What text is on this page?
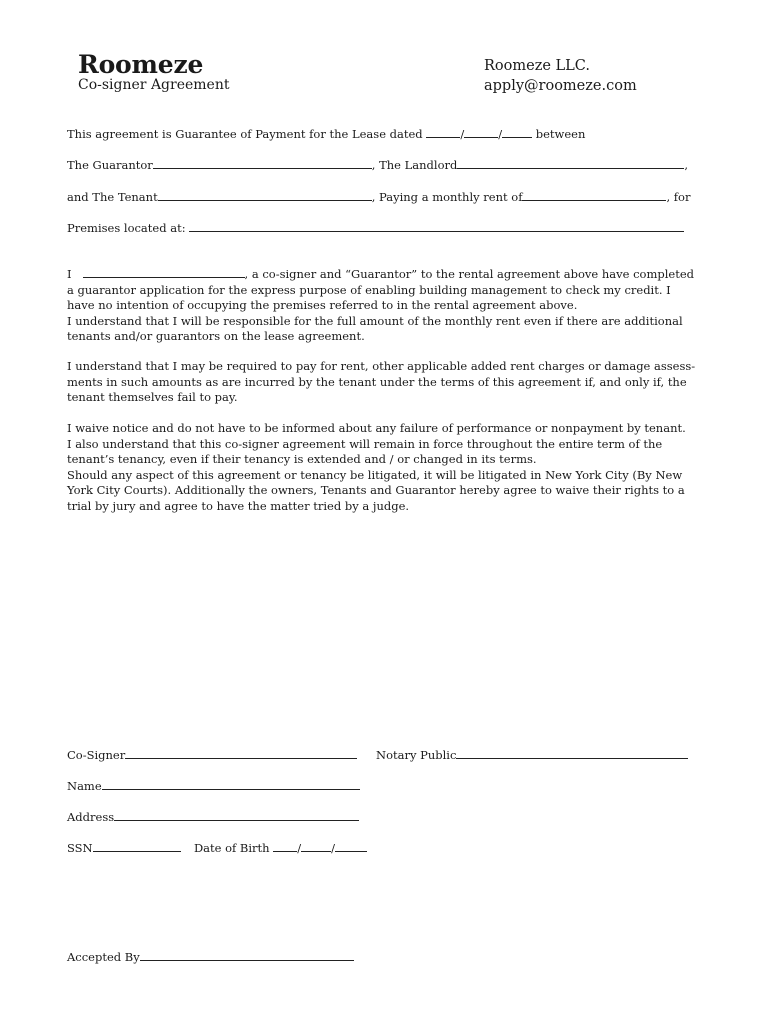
Roomeze
Co-signer Agreement
Roomeze LLC.
apply@roomeze.com
This agreement is Guarantee of Payment for the Lease dated	/	/	between
The Guarantor	, The Landlord	,
and The Tenant	, Paying a monthly rent of	, for
Premises located at:
I	, a co-signer and “Guarantor” to the rental agreement above have completed
a guarantor application for the express purpose of enabling building management to check my credit. I
have no intention of occupying the premises referred to in the rental agreement above.
I understand that I will be responsible for the full amount of the monthly rent even if there are additional
tenants and/or guarantors on the lease agreement.
I understand that I may be required to pay for rent, other applicable added rent charges or damage assess-
ments in such amounts as are incurred by the tenant under the terms of this agreement if, and only if, the
tenant themselves fail to pay.
I waive notice and do not have to be informed about any failure of performance or nonpayment by tenant.
I also understand that this co-signer agreement will remain in force throughout the entire term of the
tenant’s tenancy, even if their tenancy is extended and / or changed in its terms.
Should any aspect of this agreement or tenancy be litigated, it will be litigated in New York City (By New
York City Courts). Additionally the owners, Tenants and Guarantor hereby agree to waive their rights to a
trial by jury and agree to have the matter tried by a judge.
Co-Signer	Notary Public
Name
Address
SSN	Date of Birth /	/
Accepted By
